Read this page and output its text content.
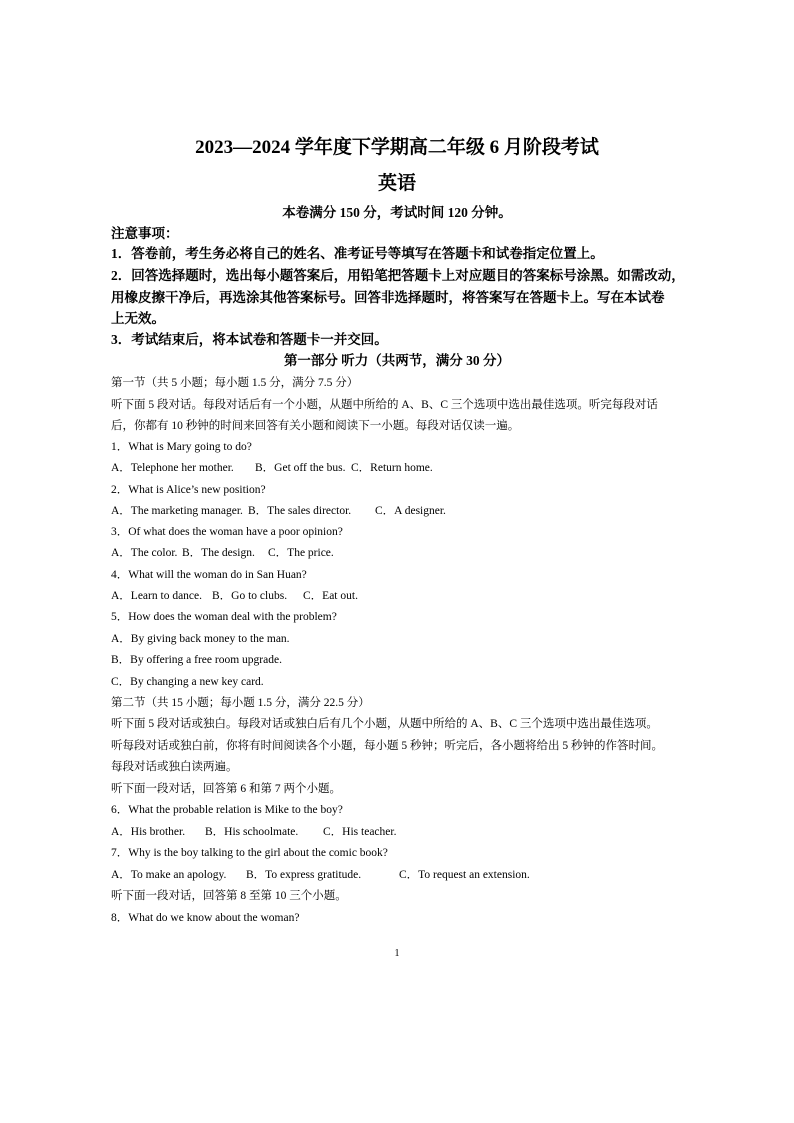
2023—2024 学年度下学期高二年级 6 月阶段考试
英语
本卷满分 150 分，考试时间 120 分钟。
注意事项：
1．答卷前，考生务必将自己的姓名、准考证号等填写在答题卡和试卷指定位置上。
2．回答选择题时，选出每小题答案后，用铅笔把答题卡上对应题目的答案标号涂黑。如需改动，
用橡皮擦干净后，再选涂其他答案标号。回答非选择题时，将答案写在答题卡上。写在本试卷
上无效。
3．考试结束后，将本试卷和答题卡一并交回。
第一部分 听力（共两节，满分 30 分）
第一节（共 5 小题；每小题 1.5 分，满分 7.5 分）
听下面 5 段对话。每段对话后有一个小题，从题中所给的 A、B、C 三个选项中选出最佳选项。听完每段对话
后，你都有 10 秒钟的时间来回答有关小题和阅读下一小题。每段对话仅读一遍。
1．What is Mary going to do?
A．Telephone her mother. B．Get off the bus. C．Return home.
2．What is Alice’s new position?
A．The marketing manager. B．The sales director. C．A designer.
3．Of what does the woman have a poor opinion?
A．The color. B．The design. C．The price.
4．What will the woman do in San Huan?
A．Learn to dance. B．Go to clubs. C．Eat out.
5．How does the woman deal with the problem?
A．By giving back money to the man.
B．By offering a free room upgrade.
C．By changing a new key card.
第二节（共 15 小题；每小题 1.5 分，满分 22.5 分）
听下面 5 段对话或独白。每段对话或独白后有几个小题，从题中所给的 A、B、C 三个选项中选出最佳选项。
听每段对话或独白前，你将有时间阅读各个小题，每小题 5 秒钟；听完后，各小题将给出 5 秒钟的作答时间。
每段对话或独白读两遍。
听下面一段对话，回答第 6 和第 7 两个小题。
6．What the probable relation is Mike to the boy?
A．His brother. B．His schoolmate. C．His teacher.
7．Why is the boy talking to the girl about the comic book?
A．To make an apology. B．To express gratitude.	C．To request an extension.
听下面一段对话，回答第 8 至第 10 三个小题。
8．What do we know about the woman?
1
